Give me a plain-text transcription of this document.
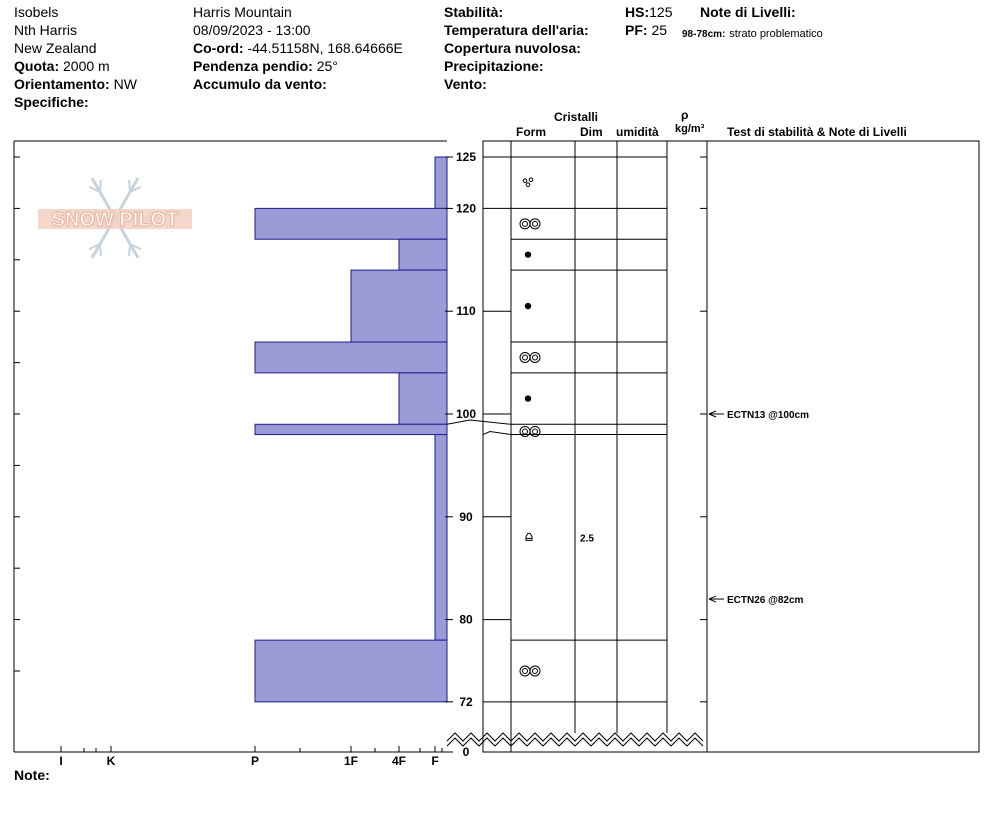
Isobels
Nth Harris
New Zealand
Quota: 2000 m
Orientamento: NW
Specifiche:
Harris Mountain
08/09/2023 - 13:00
Co-ord: -44.51158N, 168.64666E
Pendenza pendio: 25°
Accumulo da vento:
Stabilità:
Temperatura dell'aria:
Copertura nuvolosa:
Precipitazione:
Vento:
HS:125
PF: 25
Note di Livelli:
98-78cm: strato problematico
Cristalli
Form	Dim umidità
ρ
kg/m³ Test di stabilità & Note di Livelli
Note:
SNOW PILOT
125
120
110
100
90
80
72
0
I	K	P	1F	4F F
2.5
ECTN13 @100cm
ECTN26 @82cm
